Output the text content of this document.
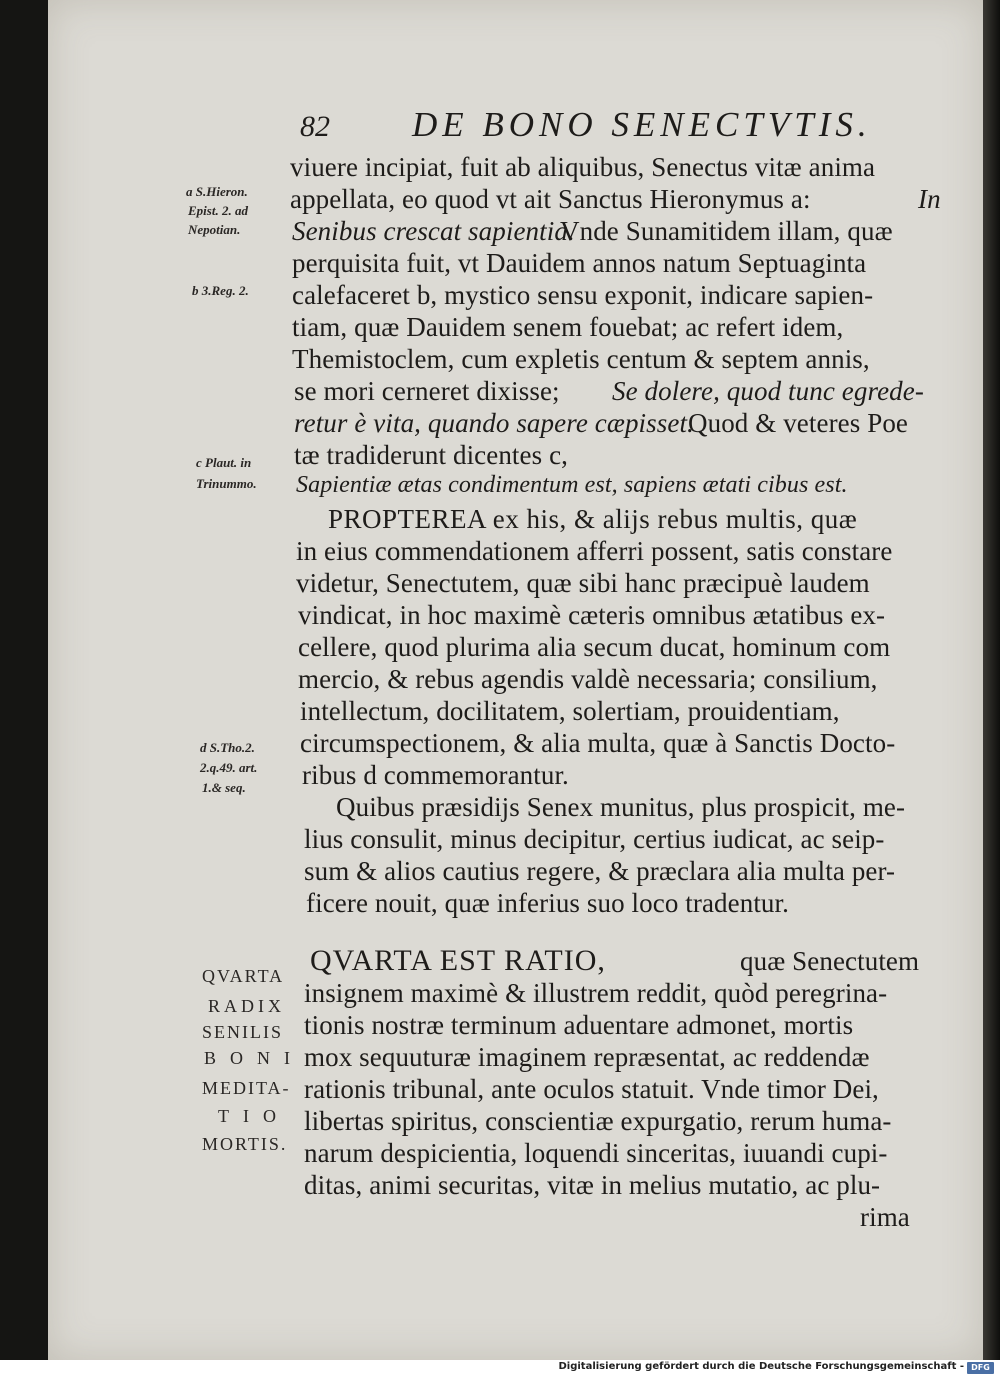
82 DE BONO SENECTVTIS.
viuere incipiat, fuit ab aliquibus, Senectus vitæ anima
appellata, eo quod vt ait Sanctus Hieronymus a:	In
Senibus crescat sapientia.
Vnde Sunamitidem illam, quæ
perquisita fuit, vt Dauidem annos natum Septuaginta
calefaceret b, mystico sensu exponit, indicare sapien-
tiam, quæ Dauidem senem fouebat; ac refert idem,
Themistoclem, cum expletis centum & septem annis,
se mori cerneret dixisse; Se dolere, quod tunc egrede-
retur è vita, quando sapere cæpisset.
Quod & veteres Poe
tæ tradiderunt dicentes c,
Sapientiæ ætas condimentum est, sapiens ætati cibus est.
PROPTEREA ex his, & alijs rebus multis, quæ
in eius commendationem afferri possent, satis constare
videtur, Senectutem, quæ sibi hanc præcipuè laudem
vindicat, in hoc maximè cæteris omnibus ætatibus ex-
cellere, quod plurima alia secum ducat, hominum com
mercio, & rebus agendis valdè necessaria; consilium,
intellectum, docilitatem, solertiam, prouidentiam,
circumspectionem, & alia multa, quæ à Sanctis Docto-
ribus d commemorantur.
Quibus præsidijs Senex munitus, plus prospicit, me-
lius consulit, minus decipitur, certius iudicat, ac seip-
sum & alios cautius regere, & præclara alia multa per-
ficere nouit, quæ inferius suo loco tradentur.
QVARTA EST RATIO,	quæ Senectutem
insignem maximè & illustrem reddit, quòd peregrina-
tionis nostræ terminum aduentare admonet, mortis
mox sequuturæ imaginem repræsentat, ac reddendæ
rationis tribunal, ante oculos statuit. Vnde timor Dei,
libertas spiritus, conscientiæ expurgatio, rerum huma-
narum despicientia, loquendi sinceritas, iuuandi cupi-
ditas, animi securitas, vitæ in melius mutatio, ac plu-
rima
a S.Hieron.
Epist. 2. ad
Nepotian.
b 3.Reg. 2.
c Plaut. in
Trinummo.
d S.Tho.2.
2.q.49. art.
1.& seq.
QVARTA
RADIX
SENILIS
BONI
MEDITA-
TIO
MORTIS.
Digitalisierung gefördert durch die Deutsche Forschungsgemeinschaft - DFG
